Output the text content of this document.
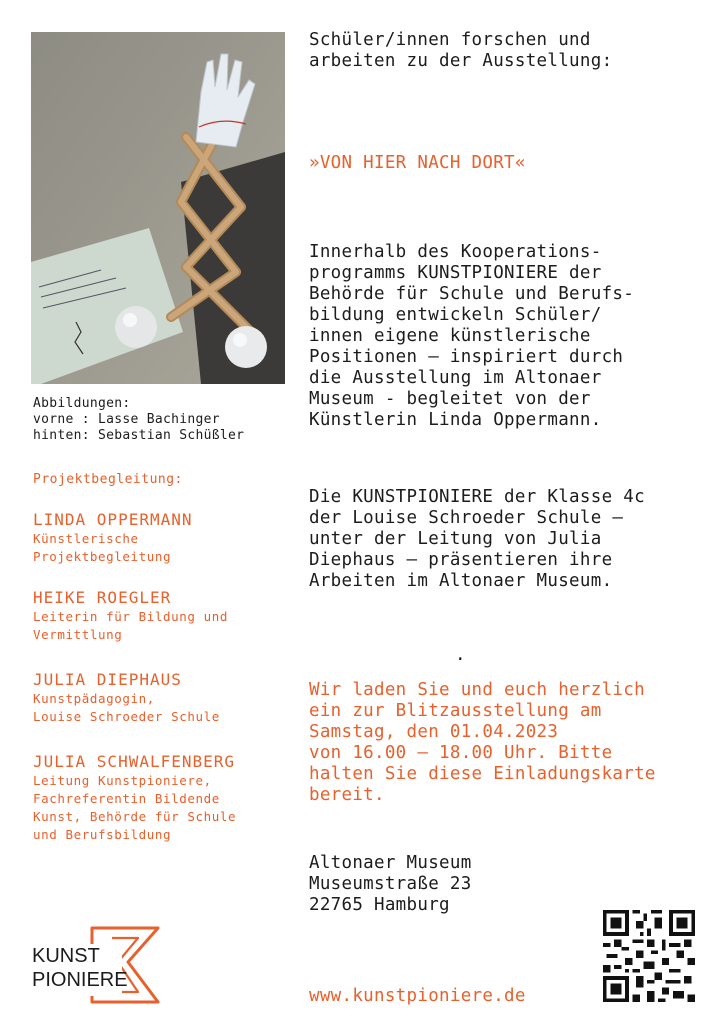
Abbildungen:
vorne : Lasse Bachinger
hinten: Sebastian Schüßler
Projektbegleitung:
LINDA OPPERMANN
Künstlerische
Projektbegleitung
HEIKE ROEGLER
Leiterin für Bildung und
Vermittlung
JULIA DIEPHAUS
Kunstpädagogin,
Louise Schroeder Schule
JULIA SCHWALFENBERG
Leitung Kunstpioniere,
Fachreferentin Bildende
Kunst, Behörde für Schule
und Berufsbildung
Schüler/innen forschen und
arbeiten zu der Ausstellung:
»VON HIER NACH DORT«
Innerhalb des Kooperations-
programms KUNSTPIONIERE der
Behörde für Schule und Berufs-
bildung entwickeln Schüler/
innen eigene künstlerische
Positionen – inspiriert durch
die Ausstellung im Altonaer
Museum - begleitet von der
Künstlerin Linda Oppermann.
Die KUNSTPIONIERE der Klasse 4c
der Louise Schroeder Schule –
unter der Leitung von Julia
Diephaus – präsentieren ihre
Arbeiten im Altonaer Museum.
.
Wir laden Sie und euch herzlich
ein zur Blitzausstellung am
Samstag, den 01.04.2023
von 16.00 – 18.00 Uhr. Bitte
halten Sie diese Einladungskarte
bereit.
Altonaer Museum
Museumstraße 23
22765 Hamburg
www.kunstpioniere.de
KUNST
PIONIERE
